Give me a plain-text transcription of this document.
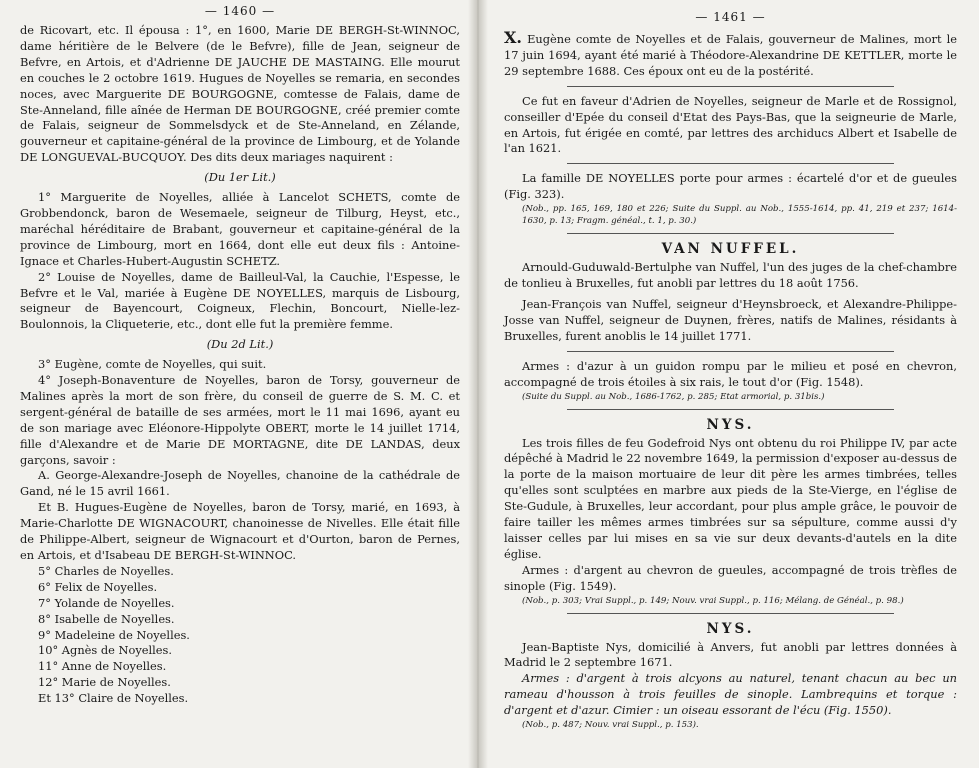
— 1460 —

de Ricovart, etc. Il épousa : 1°, en 1600, Marie DE BERGH-St-WINNOC, dame héritière de le Belvere (de le Befvre), fille de Jean, seigneur de Befvre, en Artois, et d'Adrienne DE JAUCHE DE MASTAING. Elle mourut en couches le 2 octobre 1619. Hugues de Noyelles se remaria, en secondes noces, avec Marguerite DE BOURGOGNE, comtesse de Falais, dame de Ste-Anneland, fille aînée de Herman DE BOURGOGNE, créé premier comte de Falais, seigneur de Sommelsdyck et de Ste-Anneland, en Zélande, gouverneur et capitaine-général de la province de Limbourg, et de Yolande DE LONGUEVAL-BUCQUOY. Des dits deux mariages naquirent :

(Du 1er Lit.)

1° Marguerite de Noyelles, alliée à Lancelot SCHETS, comte de Grobbendonck, baron de Wesemaele, seigneur de Tilburg, Heyst, etc., maréchal héréditaire de Brabant, gouverneur et capitaine-général de la province de Limbourg, mort en 1664, dont elle eut deux fils : Antoine-Ignace et Charles-Hubert-Augustin SCHETZ.

2° Louise de Noyelles, dame de Bailleul-Val, la Cauchie, l'Espesse, le Befvre et le Val, mariée à Eugène DE NOYELLES, marquis de Lisbourg, seigneur de Bayencourt, Coigneux, Flechin, Boncourt, Nielle-lez-Boulonnois, la Cliqueterie, etc., dont elle fut la première femme.

(Du 2d Lit.)

3° Eugène, comte de Noyelles, qui suit.

4° Joseph-Bonaventure de Noyelles, baron de Torsy, gouverneur de Malines après la mort de son frère, du conseil de guerre de S. M. C. et sergent-général de bataille de ses armées, mort le 11 mai 1696, ayant eu de son mariage avec Eléonore-Hippolyte OBERT, morte le 14 juillet 1714, fille d'Alexandre et de Marie DE MORTAGNE, dite DE LANDAS, deux garçons, savoir :

A. George-Alexandre-Joseph de Noyelles, chanoine de la cathédrale de Gand, né le 15 avril 1661.

Et B. Hugues-Eugène de Noyelles, baron de Torsy, marié, en 1693, à Marie-Charlotte DE WIGNACOURT, chanoinesse de Nivelles. Elle était fille de Philippe-Albert, seigneur de Wignacourt et d'Ourton, baron de Pernes, en Artois, et d'Isabeau DE BERGH-St-WINNOC.

5° Charles de Noyelles.

6° Felix de Noyelles.

7° Yolande de Noyelles.

8° Isabelle de Noyelles.

9° Madeleine de Noyelles.

10° Agnès de Noyelles.

11° Anne de Noyelles.

12° Marie de Noyelles.

Et 13° Claire de Noyelles.

— 1461 —

X. Eugène comte de Noyelles et de Falais, gouverneur de Malines, mort le 17 juin 1694, ayant été marié à Théodore-Alexandrine DE KETTLER, morte le 29 septembre 1688. Ces époux ont eu de la postérité.

Ce fut en faveur d'Adrien de Noyelles, seigneur de Marle et de Rossignol, conseiller d'Epée du conseil d'Etat des Pays-Bas, que la seigneurie de Marle, en Artois, fut érigée en comté, par lettres des archiducs Albert et Isabelle de l'an 1621.

La famille DE NOYELLES porte pour armes : écartelé d'or et de gueules (Fig. 323).

(Nob., pp. 165, 169, 180 et 226; Suite du Suppl. au Nob., 1555-1614, pp. 41, 219 et 237; 1614-1630, p. 13; Fragm. généal., t. 1, p. 30.)

VAN NUFFEL.

Arnould-Guduwald-Bertulphe van Nuffel, l'un des juges de la chef-chambre de tonlieu à Bruxelles, fut anobli par lettres du 18 août 1756.

Jean-François van Nuffel, seigneur d'Heynsbroeck, et Alexandre-Philippe-Josse van Nuffel, seigneur de Duynen, frères, natifs de Malines, résidants à Bruxelles, furent anoblis le 14 juillet 1771.

Armes : d'azur à un guidon rompu par le milieu et posé en chevron, accompagné de trois étoiles à six rais, le tout d'or (Fig. 1548).

(Suite du Suppl. au Nob., 1686-1762, p. 285; Etat armorial, p. 31bis.)

NYS.

Les trois filles de feu Godefroid Nys ont obtenu du roi Philippe IV, par acte dépêché à Madrid le 22 novembre 1649, la permission d'exposer au-dessus de la porte de la maison mortuaire de leur dit père les armes timbrées, telles qu'elles sont sculptées en marbre aux pieds de la Ste-Vierge, en l'église de Ste-Gudule, à Bruxelles, leur accordant, pour plus ample grâce, le pouvoir de faire tailler les mêmes armes timbrées sur sa sépulture, comme aussi d'y laisser celles par lui mises en sa vie sur deux devants-d'autels en la dite église.

Armes : d'argent au chevron de gueules, accompagné de trois trèfles de sinople (Fig. 1549).

(Nob., p. 303; Vrai Suppl., p. 149; Nouv. vrai Suppl., p. 116; Mélang. de Généal., p. 98.)

NYS.

Jean-Baptiste Nys, domicilié à Anvers, fut anobli par lettres données à Madrid le 2 septembre 1671.

Armes : d'argent à trois alcyons au naturel, tenant chacun au bec un rameau d'housson à trois feuilles de sinople. Lambrequins et torque : d'argent et d'azur. Cimier : un oiseau essorant de l'écu (Fig. 1550).

(Nob., p. 487; Nouv. vrai Suppl., p. 153).
